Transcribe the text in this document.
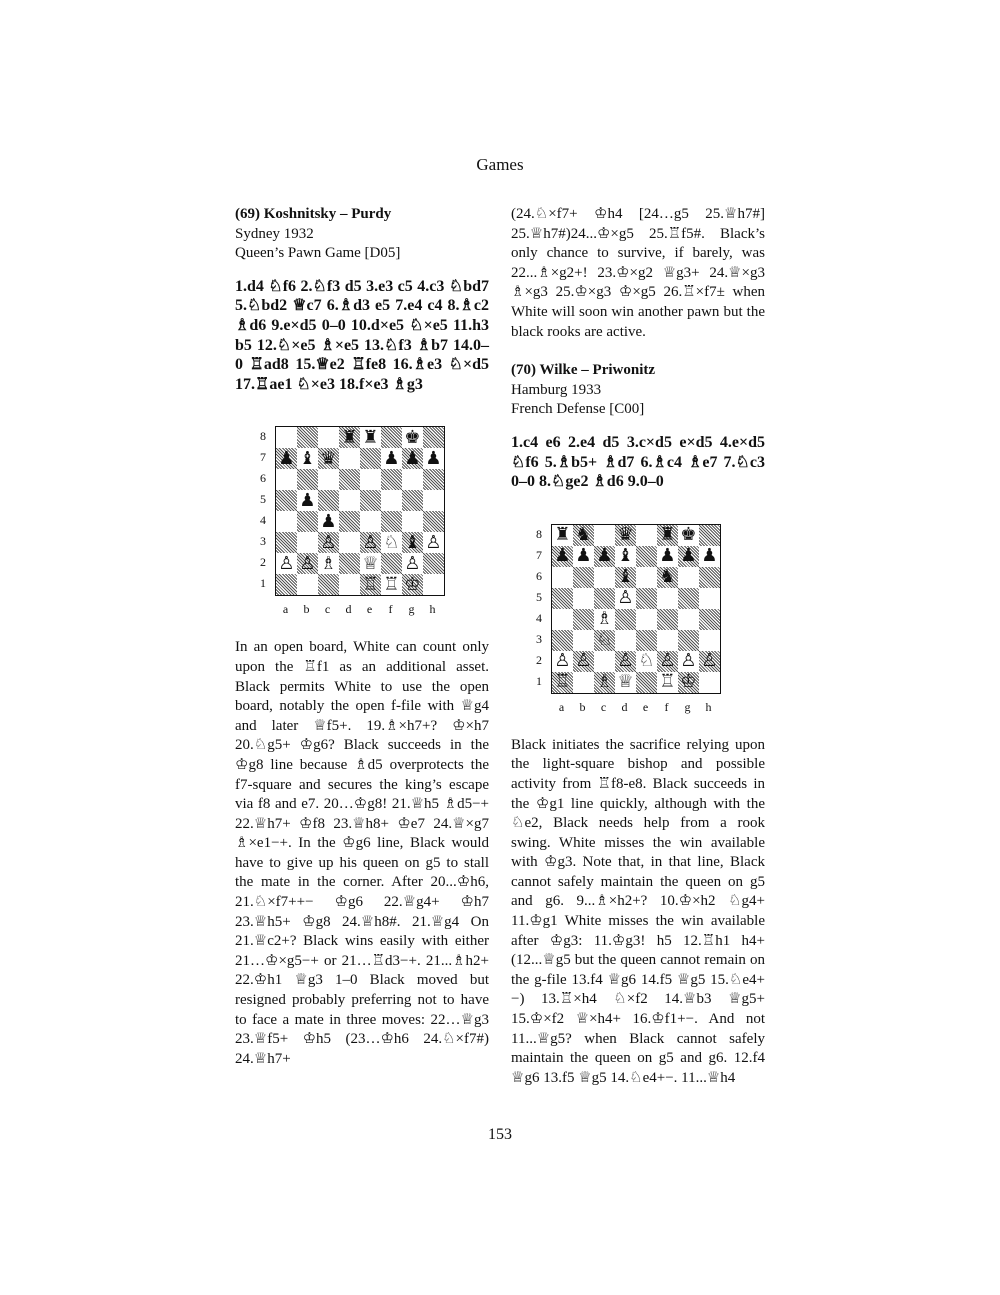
Games

(69) Koshnitsky – Purdy

Sydney 1932

Queen’s Pawn Game [D05]

1.d4 ♘f6 2.♘f3 d5 3.e3 c5 4.c3 ♘bd7 5.♘bd2 ♕c7 6.♗d3 e5 7.e4 c4 8.♗c2 ♗d6 9.e×d5 0–0 10.d×e5 ♘×e5 11.h3 b5 12.♘×e5 ♗×e5 13.♘f3 ♗b7 14.0–0 ♖ad8 15.♕e2 ♖fe8 16.♗e3 ♘×d5 17.♖ae1 ♘×e3 18.f×e3 ♗g3

8
7
6
5
4
3
2
1
♜ ♜ ♚
♟ ♝ ♛	♟ ♟ ♟
♟
♟
♙ ♙ ♘ ♝ ♙
♙ ♙ ♗ ♕ ♙
♖ ♖ ♔
a	b	c	d	e	f	g	h

In an open board, White can count only upon the ♖f1 as an additional asset. Black permits White to use the open board, notably the open f-file with ♕g4 and later ♕f5+. 19.♗×h7+? ♔×h7 20.♘g5+ ♔g6? Black succeeds in the ♔g8 line because ♗d5 overprotects the f7-square and secures the king’s escape via f8 and e7. 20…♔g8! 21.♕h5 ♗d5−+ 22.♕h7+ ♔f8 23.♕h8+ ♔e7 24.♕×g7 ♗×e1−+. In the ♔g6 line, Black would have to give up his queen on g5 to stall the mate in the corner. After 20...♔h6, 21.♘×f7++− ♔g6 22.♕g4+ ♔h7 23.♕h5+ ♔g8 24.♕h8#. 21.♕g4 On 21.♕c2+? Black wins easily with either 21…♔×g5−+ or 21…♖d3−+. 21...♗h2+ 22.♔h1 ♕g3 1–0 Black moved but resigned probably preferring not to have to face a mate in three moves: 22…♕g3 23.♕f5+ ♔h5 (23…♔h6 24.♘×f7#) 24.♕h7+

(24.♘×f7+ ♔h4 [24…g5 25.♕h7#] 25.♕h7#)24...♔×g5 25.♖f5#. Black’s only chance to survive, if barely, was 22...♗×g2+! 23.♔×g2 ♕g3+ 24.♕×g3 ♗×g3 25.♔×g3 ♔×g5 26.♖×f7± when White will soon win another pawn but the black rooks are active.

(70) Wilke – Priwonitz

Hamburg 1933

French Defense [C00]

1.c4 e6 2.e4 d5 3.c×d5 e×d5 4.e×d5 ♘f6 5.♗b5+ ♗d7 6.♗c4 ♗e7 7.♘c3 0–0 8.♘ge2 ♗d6 9.0–0

8
7
6
5
4
3
2
1
♜ ♞ ♛ ♜ ♚
♟ ♟ ♟ ♝ ♟ ♟ ♟
♝ ♞
♙
♗
♘
♙ ♙ ♙ ♘ ♙ ♙ ♙
♖ ♗ ♕ ♖ ♔
a	b	c	d	e	f	g	h

Black initiates the sacrifice relying upon the light-square bishop and possible activity from ♖f8-e8. Black succeeds in the ♔g1 line quickly, although with the ♘e2, Black needs help from a rook swing. White misses the win available with ♔g3. Note that, in that line, Black cannot safely maintain the queen on g5 and g6. 9...♗×h2+? 10.♔×h2 ♘g4+ 11.♔g1 White misses the win available after ♔g3: 11.♔g3! h5 12.♖h1 h4+ (12...♕g5 but the queen cannot remain on the g-file 13.f4 ♕g6 14.f5 ♕g5 15.♘e4+−) 13.♖×h4 ♘×f2 14.♕b3 ♕g5+ 15.♔×f2 ♕×h4+ 16.♔f1+−. And not 11...♕g5? when Black cannot safely maintain the queen on g5 and g6. 12.f4 ♕g6 13.f5 ♕g5 14.♘e4+−. 11...♕h4

153
